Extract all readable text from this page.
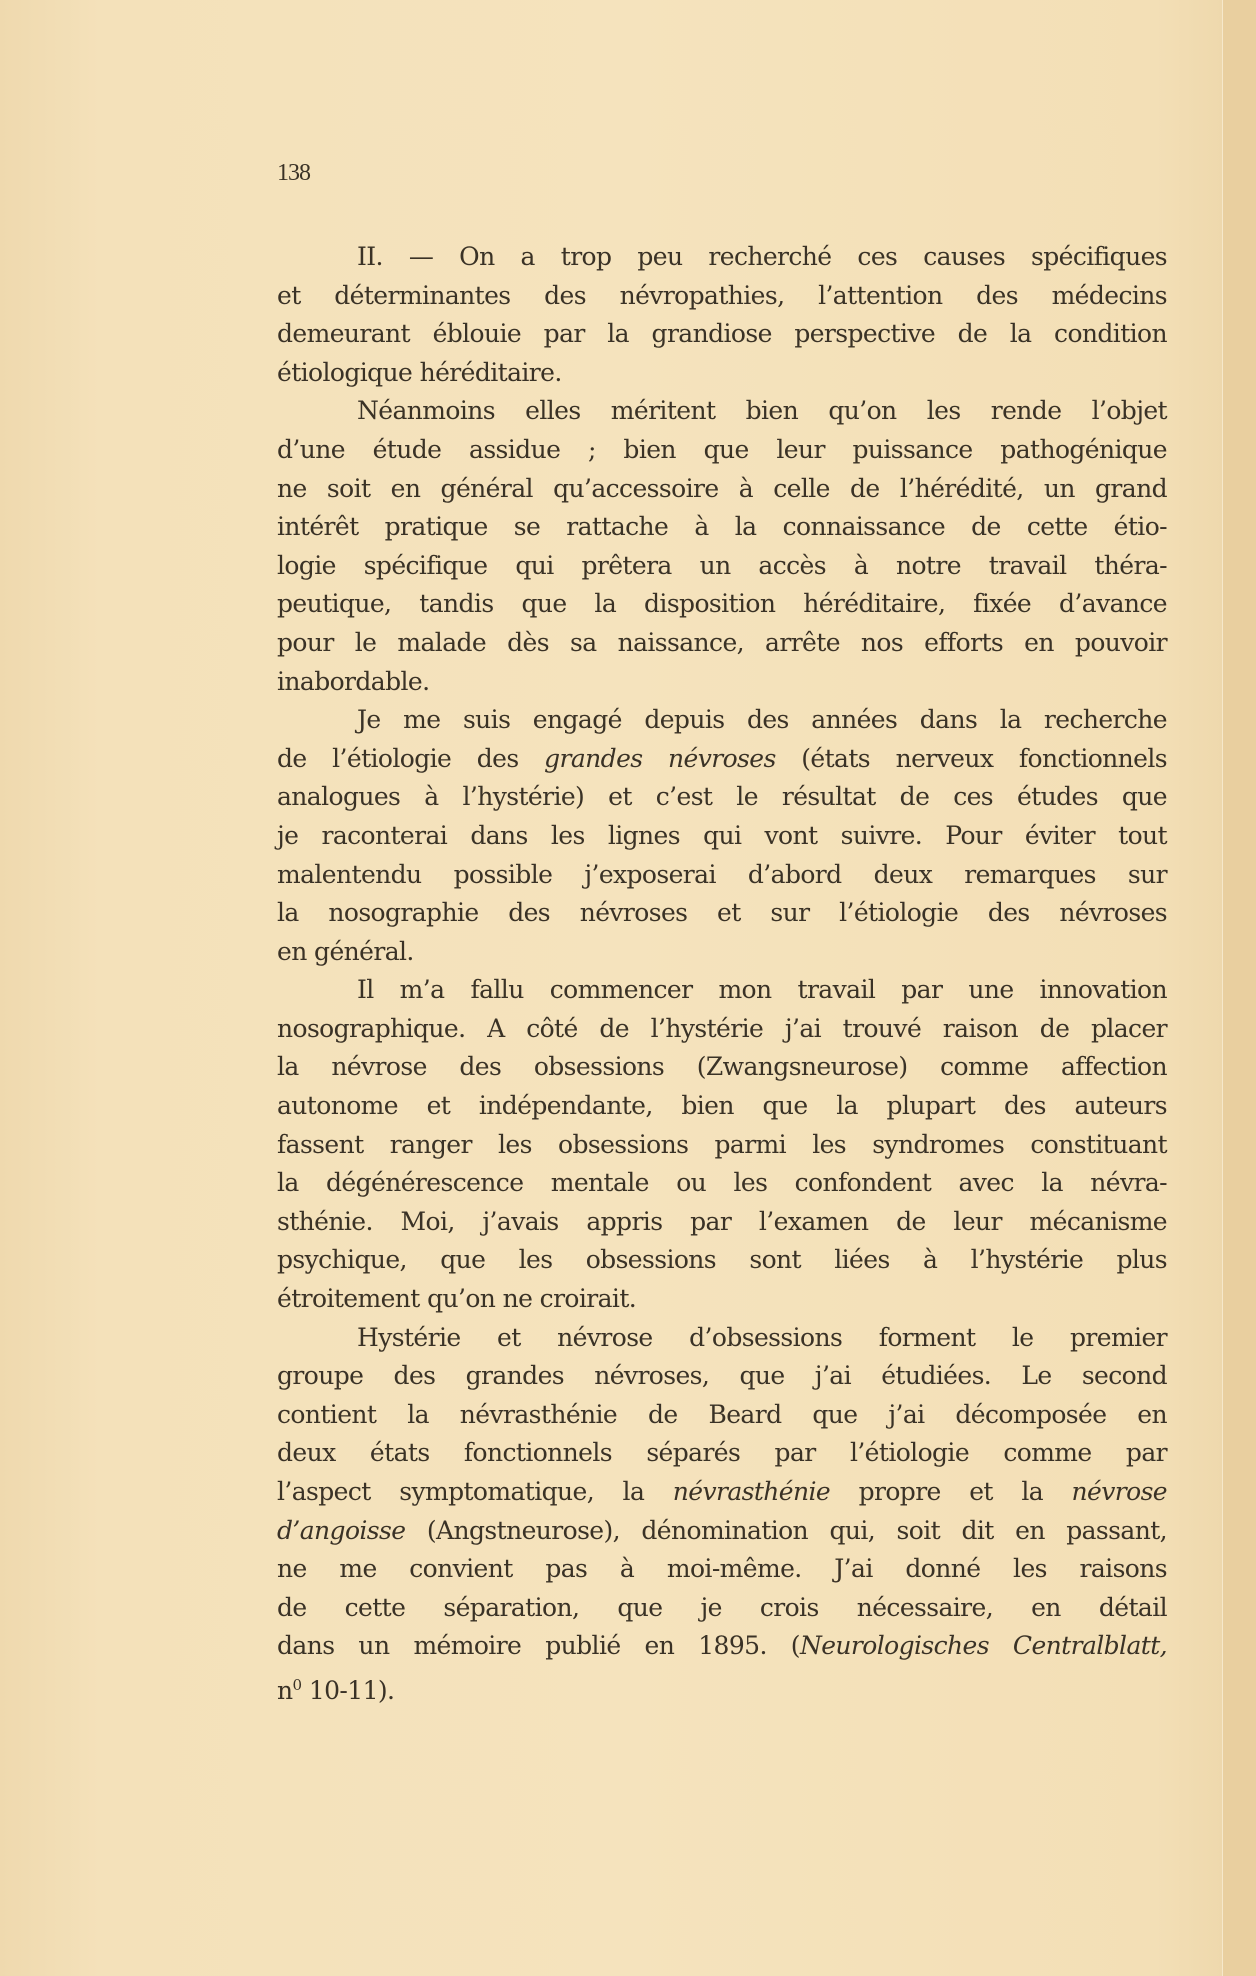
138
II. — On a trop peu recherché ces causes spécifiques
et déterminantes des névropathies, l’attention des médecins
demeurant éblouie par la grandiose perspective de la condition
étiologique héréditaire.
Néanmoins elles méritent bien qu’on les rende l’objet
d’une étude assidue ; bien que leur puissance pathogénique
ne soit en général qu’accessoire à celle de l’hérédité, un grand
intérêt pratique se rattache à la connaissance de cette étio-
logie spécifique qui prêtera un accès à notre travail théra-
peutique, tandis que la disposition héréditaire, fixée d’avance
pour le malade dès sa naissance, arrête nos efforts en pouvoir
inabordable.
Je me suis engagé depuis des années dans la recherche
de l’étiologie des grandes névroses (états nerveux fonctionnels
analogues à l’hystérie) et c’est le résultat de ces études que
je raconterai dans les lignes qui vont suivre. Pour éviter tout
malentendu possible j’exposerai d’abord deux remarques sur
la nosographie des névroses et sur l’étiologie des névroses
en général.
Il m’a fallu commencer mon travail par une innovation
nosographique. A côté de l’hystérie j’ai trouvé raison de placer
la névrose des obsessions (Zwangsneurose) comme affection
autonome et indépendante, bien que la plupart des auteurs
fassent ranger les obsessions parmi les syndromes constituant
la dégénérescence mentale ou les confondent avec la névra-
sthénie. Moi, j’avais appris par l’examen de leur mécanisme
psychique, que les obsessions sont liées à l’hystérie plus
étroitement qu’on ne croirait.
Hystérie et névrose d’obsessions forment le premier
groupe des grandes névroses, que j’ai étudiées. Le second
contient la névrasthénie de Beard que j’ai décomposée en
deux états fonctionnels séparés par l’étiologie comme par
l’aspect symptomatique, la névrasthénie propre et la névrose
d’angoisse (Angstneurose), dénomination qui, soit dit en passant,
ne me convient pas à moi-même. J’ai donné les raisons
de cette séparation, que je crois nécessaire, en détail
dans un mémoire publié en 1895. (Neurologisches Centralblatt,
$n^0$ 10-11).
